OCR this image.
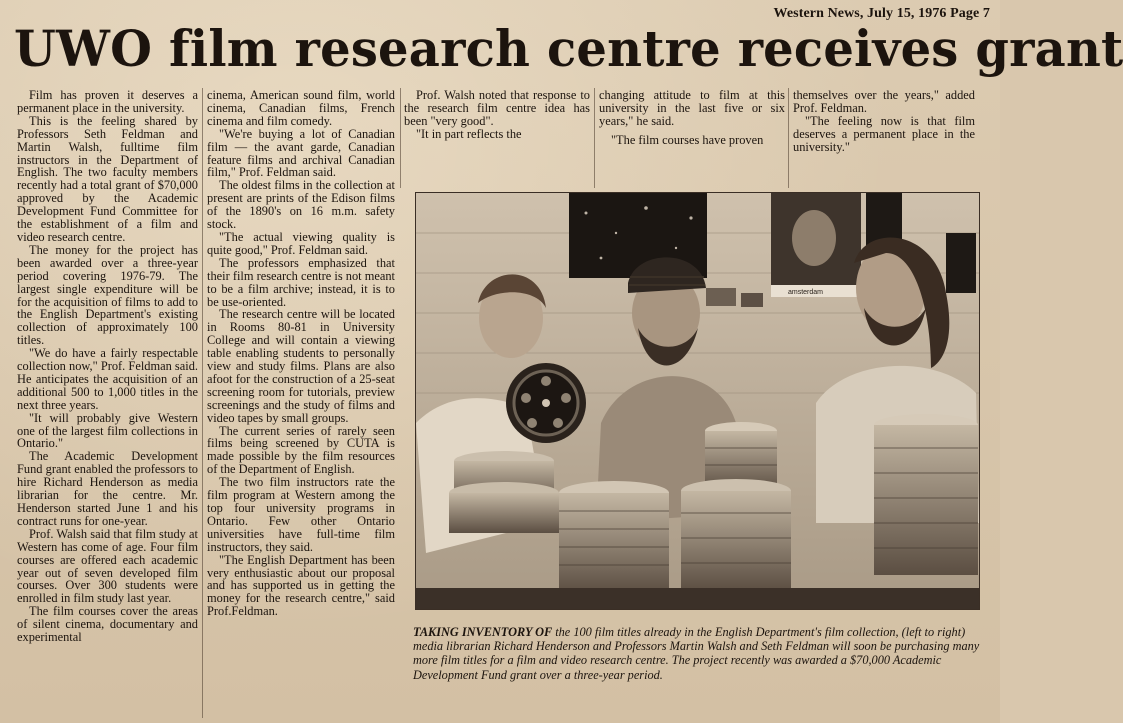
Western News, July 15, 1976 Page 7
UWO film research centre receives grant

Film has proven it deserves a permanent place in the university.

This is the feeling shared by Professors Seth Feldman and Martin Walsh, fulltime film instructors in the Department of English. The two faculty members recently had a total grant of $70,000 approved by the Academic Development Fund Committee for the establishment of a film and video research centre.

The money for the project has been awarded over a three-year period covering 1976-79. The largest single expenditure will be for the acquisition of films to add to the English Department's existing collection of approximately 100 titles.

"We do have a fairly respectable collection now," Prof. Feldman said. He anticipates the acquisition of an additional 500 to 1,000 titles in the next three years.

"It will probably give Western one of the largest film collections in Ontario."

The Academic Development Fund grant enabled the professors to hire Richard Henderson as media librarian for the centre. Mr. Henderson started June 1 and his contract runs for one-year.

Prof. Walsh said that film study at Western has come of age. Four film courses are offered each academic year out of seven developed film courses. Over 300 students were enrolled in film study last year.

The film courses cover the areas of silent cinema, documentary and experimental

cinema, American sound film, world cinema, Canadian films, French cinema and film comedy.

"We're buying a lot of Canadian film — the avant garde, Canadian feature films and archival Canadian film," Prof. Feldman said.

The oldest films in the collection at present are prints of the Edison films of the 1890's on 16 m.m. safety stock.

"The actual viewing quality is quite good," Prof. Feldman said.

The professors emphasized that their film research centre is not meant to be a film archive; instead, it is to be use-oriented.

The research centre will be located in Rooms 80-81 in University College and will contain a viewing table enabling students to personally view and study films. Plans are also afoot for the construction of a 25-seat screening room for tutorials, preview screenings and the study of films and video tapes by small groups.

The current series of rarely seen films being screened by CUTA is made possible by the film resources of the Department of English.

The two film instructors rate the film program at Western among the top four university programs in Ontario. Few other Ontario universities have full-time film instructors, they said.

"The English Department has been very enthusiastic about our proposal and has supported us in getting the money for the research centre," said Prof.Feldman.

Prof. Walsh noted that response to the research film centre idea has been "very good".

"It in part reflects the

changing attitude to film at this university in the last five or six years," he said.

"The film courses have proven

themselves over the years," added Prof. Feldman.

"The feeling now is that film deserves a permanent place in the university."

amsterdam
TAKING INVENTORY OF the 100 film titles already in the English Department's film collection, (left to right) media librarian Richard Henderson and Professors Martin Walsh and Seth Feldman will soon be purchasing many more film titles for a film and video research centre. The project recently was awarded a $70,000 Academic Development Fund grant over a three-year period.
